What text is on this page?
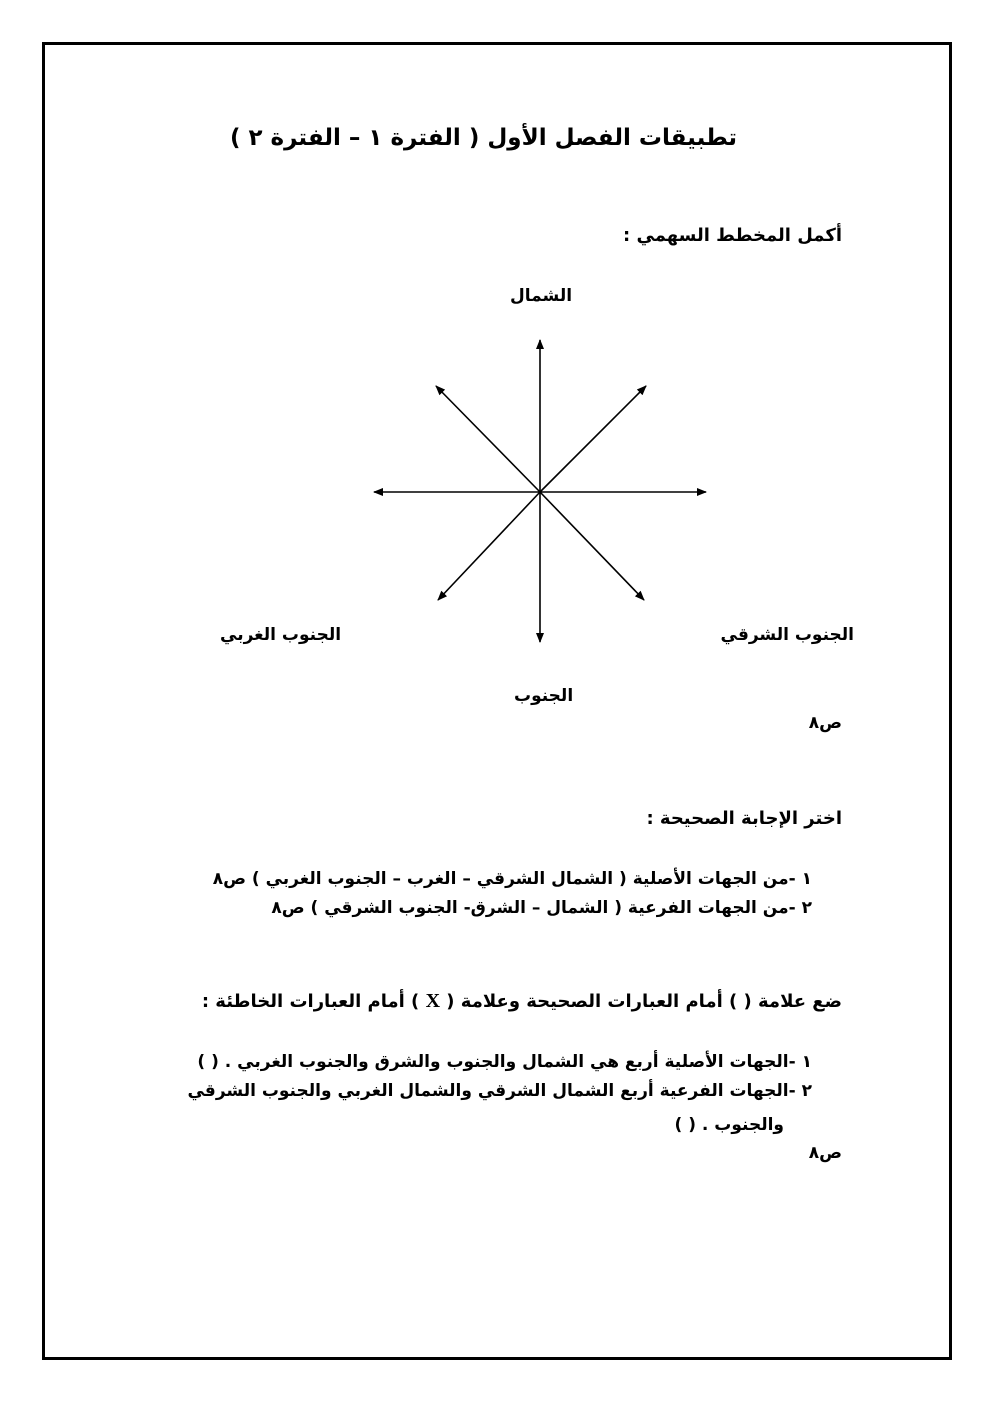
تطبيقات الفصل الأول ( الفترة ١ – الفترة ٢ )
أكمل المخطط السهمي :
الشمال
الجنوب الشرقي
الجنوب الغربي
الجنوب
ص٨
اختر الإجابة الصحيحة :
١ -من الجهات الأصلية ( الشمال الشرقي – الغرب – الجنوب الغربي ) ص٨
٢ -من الجهات الفرعية ( الشمال – الشرق- الجنوب الشرقي ) ص٨
ضع علامة ( ) أمام العبارات الصحيحة وعلامة ( X ) أمام العبارات الخاطئة :
١ -الجهات الأصلية أربع هي الشمال والجنوب والشرق والجنوب الغربي . ( )
٢ -الجهات الفرعية أربع الشمال الشرقي والشمال الغربي والجنوب الشرقي
والجنوب . ( )
ص٨
